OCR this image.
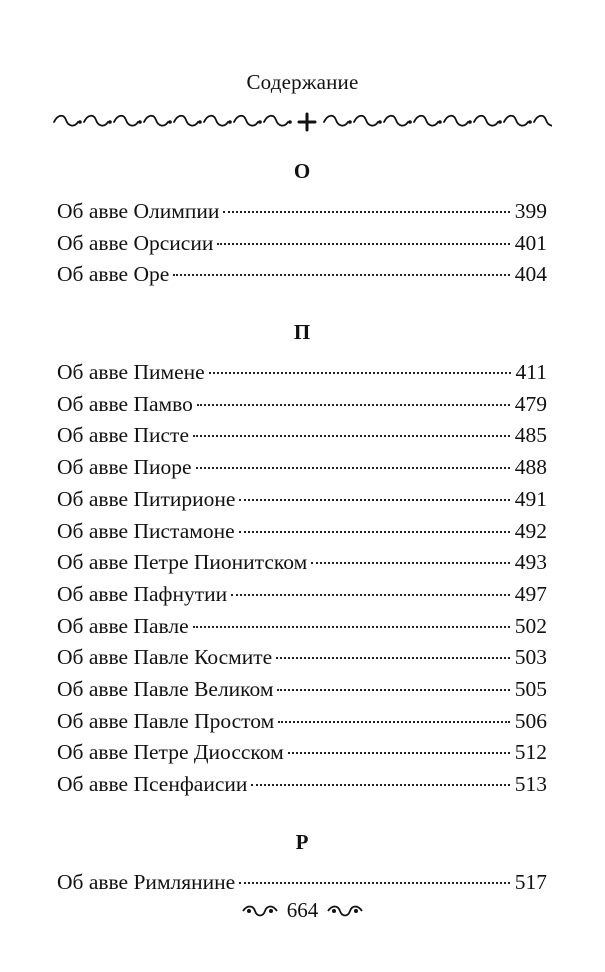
Содержание
О
Об авве Олимпии	399
Об авве Орсисии	401
Об авве Оре	404
П
Об авве Пимене	411
Об авве Памво	479
Об авве Писте	485
Об авве Пиоре	488
Об авве Питирионе	491
Об авве Пистамоне	492
Об авве Петре Пионитском	493
Об авве Пафнутии	497
Об авве Павле	502
Об авве Павле Космите	503
Об авве Павле Великом	505
Об авве Павле Простом	506
Об авве Петре Диосском	512
Об авве Псенфаисии	513
Р
Об авве Римлянине	517
664
